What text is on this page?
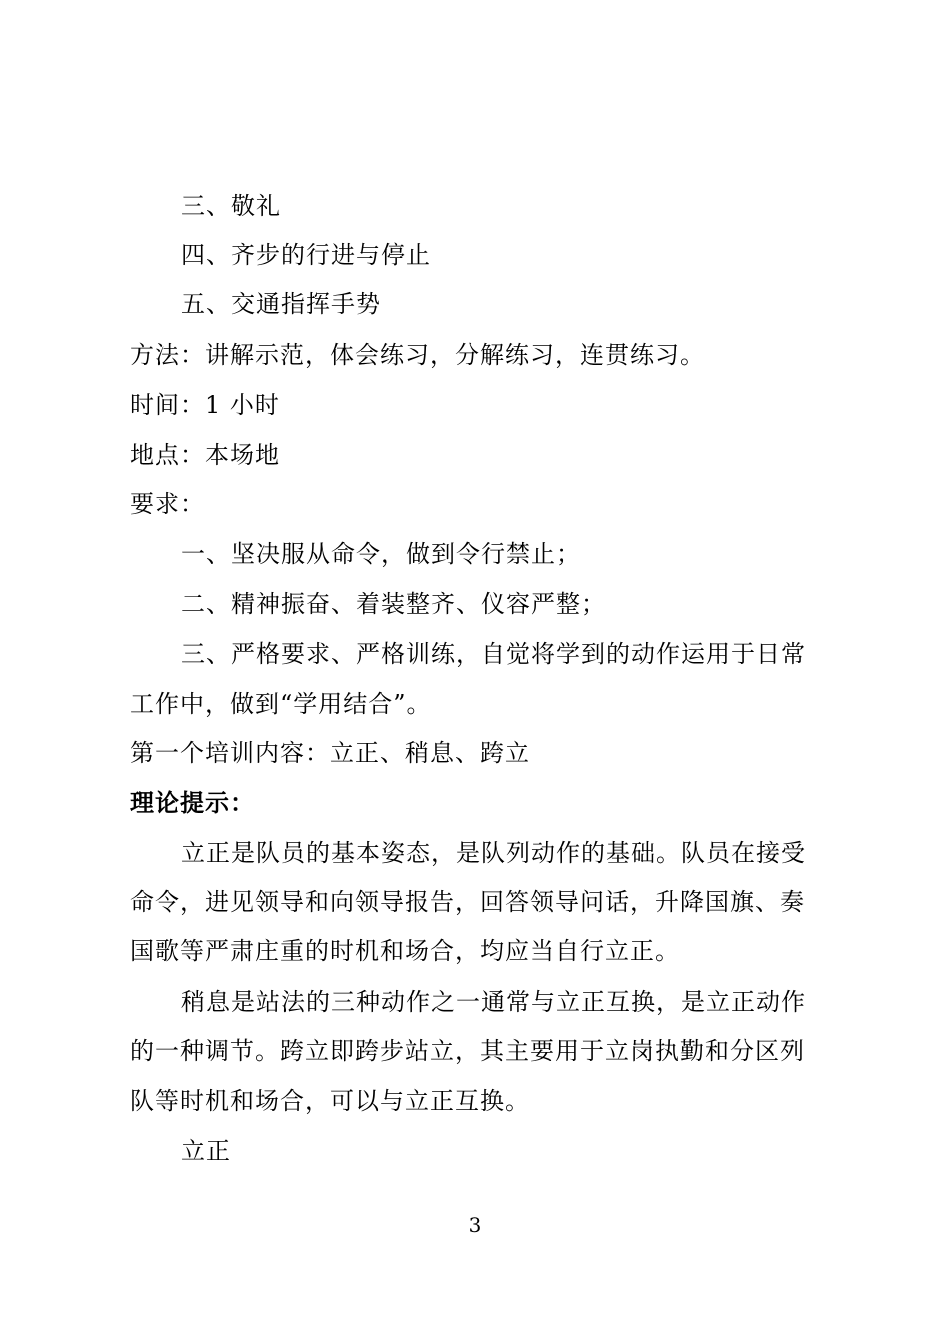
三、敬礼
四、齐步的行进与停止
五、交通指挥手势
方法：讲解示范，体会练习，分解练习，连贯练习。
时间：1 小时
地点：本场地
要求：
一、坚决服从命令，做到令行禁止；
二、精神振奋、着装整齐、仪容严整；
三、严格要求、严格训练，自觉将学到的动作运用于日常
工作中，做到“学用结合”。
第一个培训内容：立正、稍息、跨立
理论提示：
立正是队员的基本姿态，是队列动作的基础。队员在接受
命令，进见领导和向领导报告，回答领导问话，升降国旗、奏
国歌等严肃庄重的时机和场合，均应当自行立正。
稍息是站法的三种动作之一通常与立正互换，是立正动作
的一种调节。跨立即跨步站立，其主要用于立岗执勤和分区列
队等时机和场合，可以与立正互换。
立正
3
